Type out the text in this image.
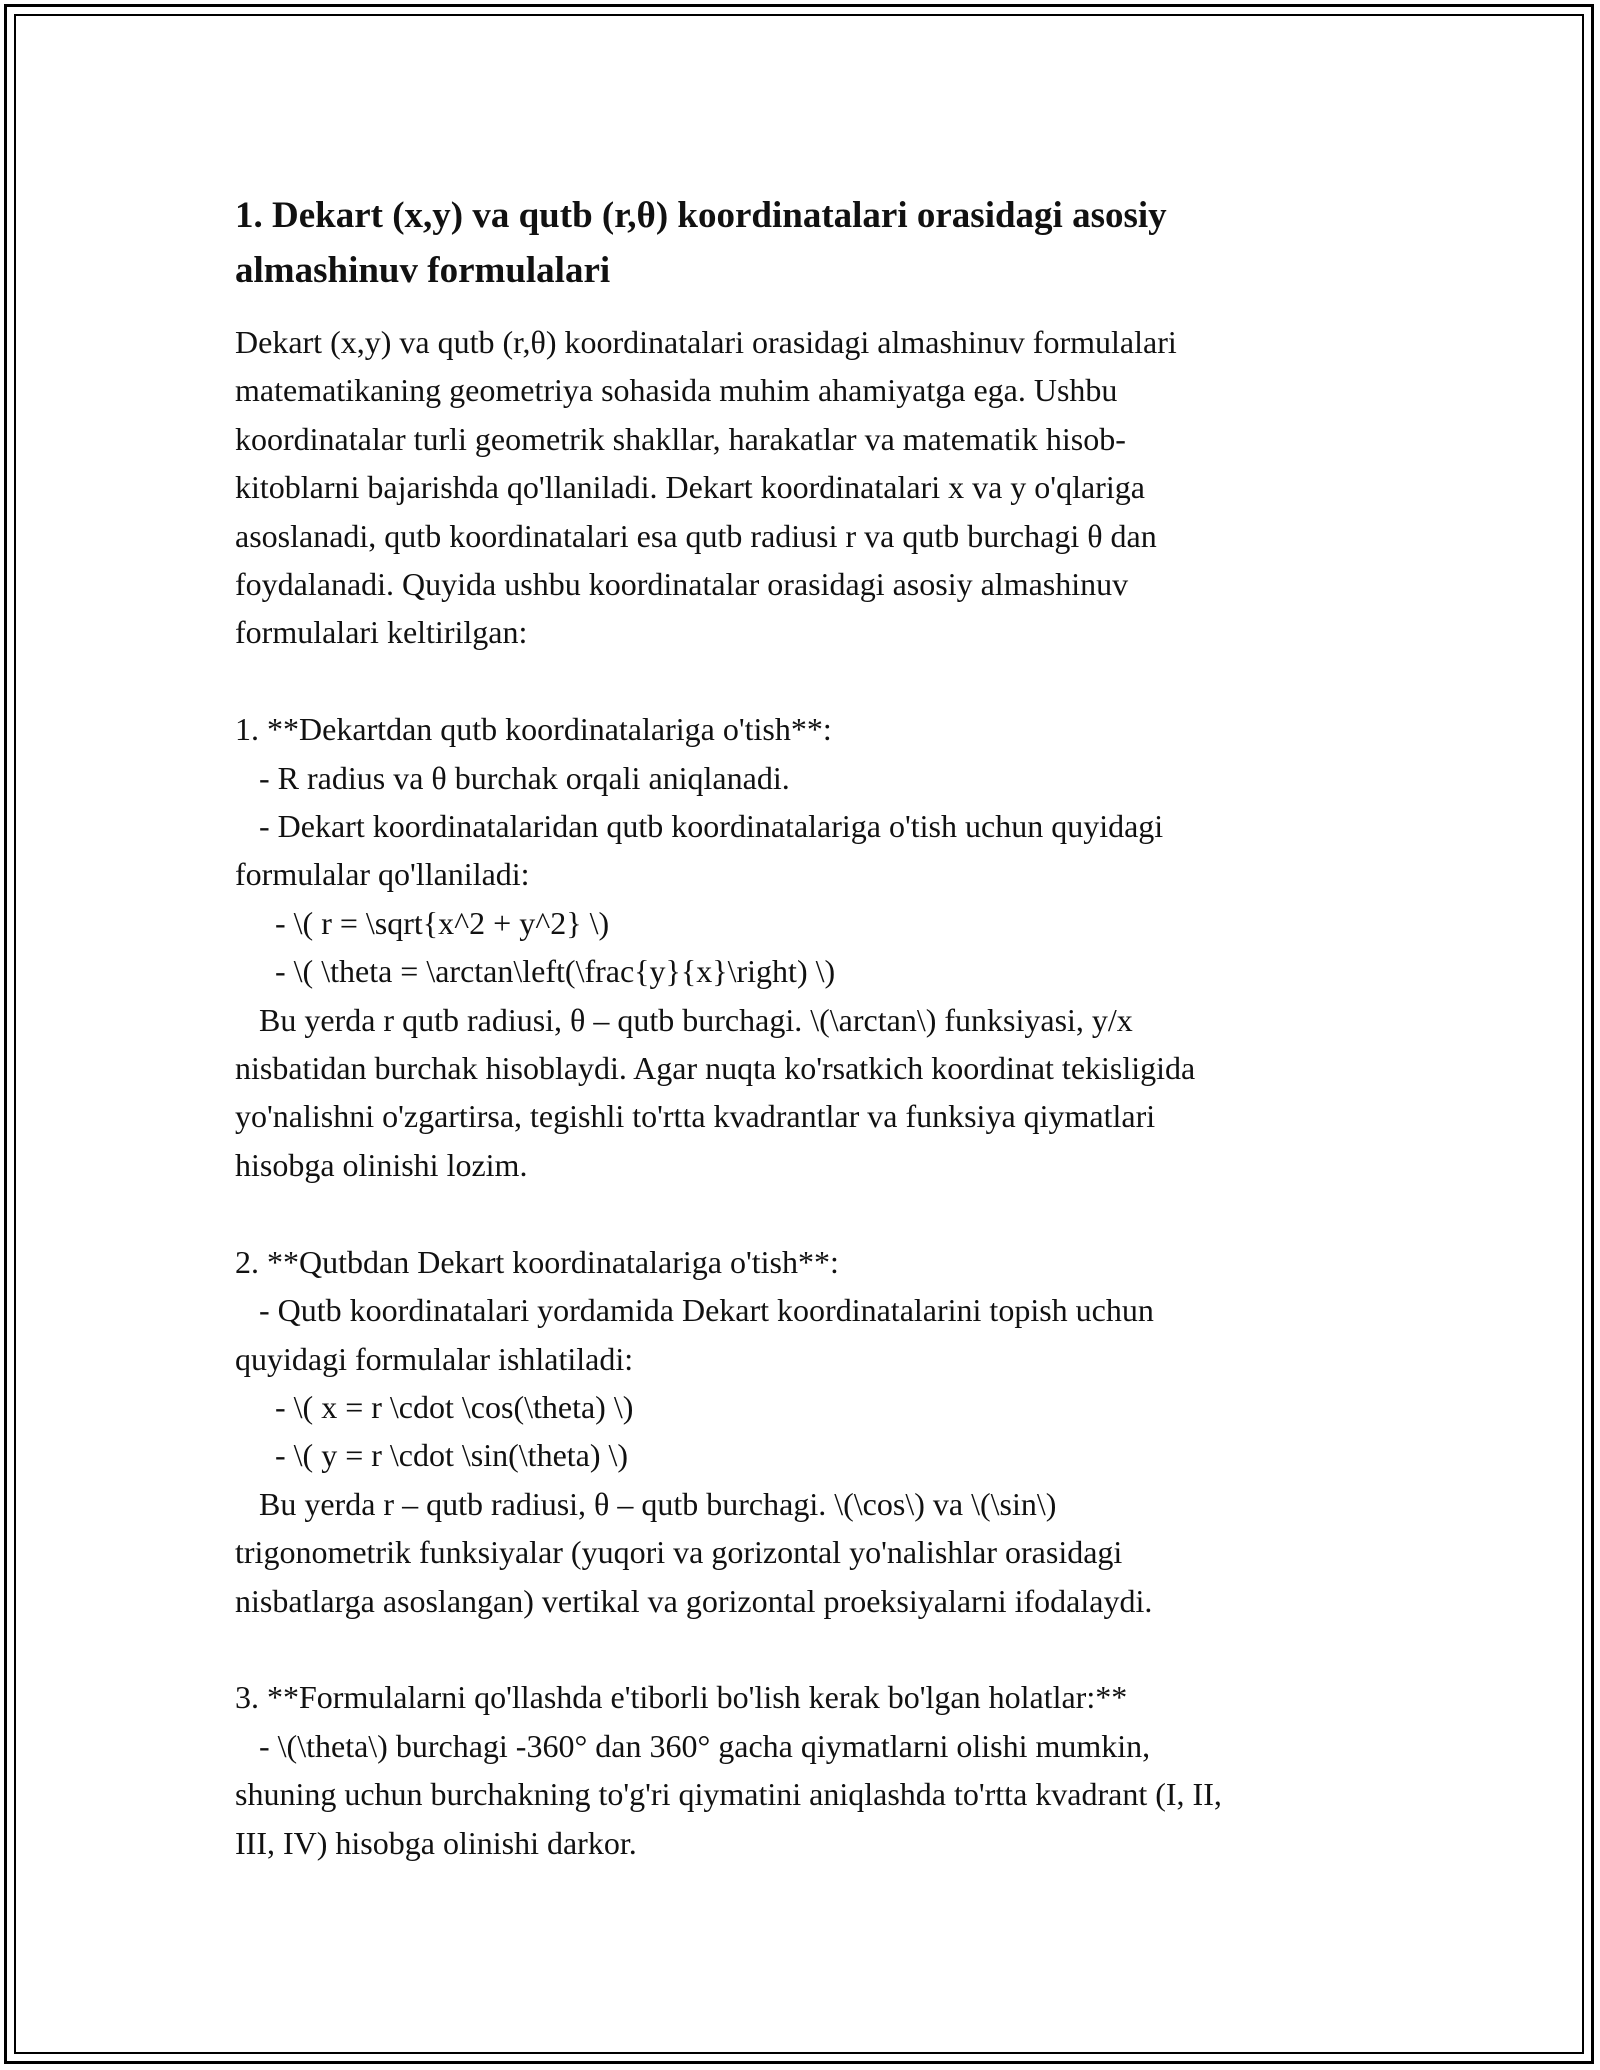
1. Dekart (x,y) va qutb (r,θ) koordinatalari orasidagi asosiy
almashinuv formulalari
Dekart (x,y) va qutb (r,θ) koordinatalari orasidagi almashinuv formulalari
matematikaning geometriya sohasida muhim ahamiyatga ega. Ushbu
koordinatalar turli geometrik shakllar, harakatlar va matematik hisob-
kitoblarni bajarishda qo'llaniladi. Dekart koordinatalari x va y o'qlariga
asoslanadi, qutb koordinatalari esa qutb radiusi r va qutb burchagi θ dan
foydalanadi. Quyida ushbu koordinatalar orasidagi asosiy almashinuv
formulalari keltirilgan:
1. **Dekartdan qutb koordinatalariga o'tish**:
- R radius va θ burchak orqali aniqlanadi.
- Dekart koordinatalaridan qutb koordinatalariga o'tish uchun quyidagi
formulalar qo'llaniladi:
- \( r = \sqrt{x^2 + y^2} \)
- \( \theta = \arctan\left(\frac{y}{x}\right) \)
Bu yerda r qutb radiusi, θ – qutb burchagi. \(\arctan\) funksiyasi, y/x
nisbatidan burchak hisoblaydi. Agar nuqta ko'rsatkich koordinat tekisligida
yo'nalishni o'zgartirsa, tegishli to'rtta kvadrantlar va funksiya qiymatlari
hisobga olinishi lozim.
2. **Qutbdan Dekart koordinatalariga o'tish**:
- Qutb koordinatalari yordamida Dekart koordinatalarini topish uchun
quyidagi formulalar ishlatiladi:
- \( x = r \cdot \cos(\theta) \)
- \( y = r \cdot \sin(\theta) \)
Bu yerda r – qutb radiusi, θ – qutb burchagi. \(\cos\) va \(\sin\)
trigonometrik funksiyalar (yuqori va gorizontal yo'nalishlar orasidagi
nisbatlarga asoslangan) vertikal va gorizontal proeksiyalarni ifodalaydi.
3. **Formulalarni qo'llashda e'tiborli bo'lish kerak bo'lgan holatlar:**
- \(\theta\) burchagi -360° dan 360° gacha qiymatlarni olishi mumkin,
shuning uchun burchakning to'g'ri qiymatini aniqlashda to'rtta kvadrant (I, II,
III, IV) hisobga olinishi darkor.
